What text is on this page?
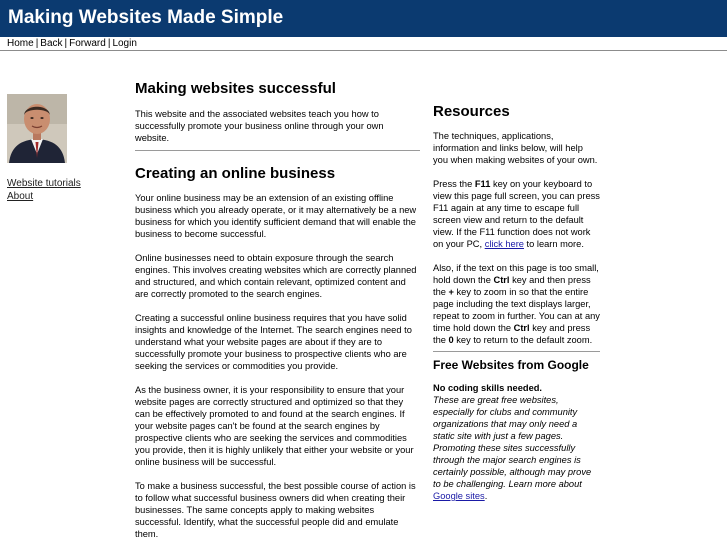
Making Websites Made Simple
Home | Back | Forward | Login
Website tutorials
About
Making websites successful

This website and the associated websites teach you how to successfully promote your business online through your own website.

Creating an online business

Your online business may be an extension of an existing offline business which you already operate, or it may alternatively be a new business for which you identify sufficient demand that will enable the business to become successful.

Online businesses need to obtain exposure through the search engines. This involves creating websites which are correctly planned and structured, and which contain relevant, optimized content and are correctly promoted to the search engines.

Creating a successful online business requires that you have solid insights and knowledge of the Internet. The search engines need to understand what your website pages are about if they are to successfully promote your business to prospective clients who are seeking the services or commodities you provide.

As the business owner, it is your responsibility to ensure that your website pages are correctly structured and optimized so that they can be effectively promoted to and found at the search engines. If your website pages can't be found at the search engines by prospective clients who are seeking the services and commodities you provide, then it is highly unlikely that either your website or your online business will be successful.

To make a business successful, the best possible course of action is to follow what successful business owners did when creating their businesses. The same concepts apply to making websites successful. Identify, what the successful people did and emulate them.

Resources

The techniques, applications, information and links below, will help you when making websites of your own.

Press the F11 key on your keyboard to view this page full screen, you can press F11 again at any time to escape full screen view and return to the default view. If the F11 function does not work on your PC, click here to learn more.

Also, if the text on this page is too small, hold down the Ctrl key and then press the + key to zoom in so that the entire page including the text displays larger, repeat to zoom in further. You can at any time hold down the Ctrl key and press the 0 key to return to the default zoom.

Free Websites from Google

No coding skills needed.
These are great free websites, especially for clubs and community organizations that may only need a static site with just a few pages. Promoting these sites successfully through the major search engines is certainly possible, although may prove to be challenging. Learn more about Google sites.
